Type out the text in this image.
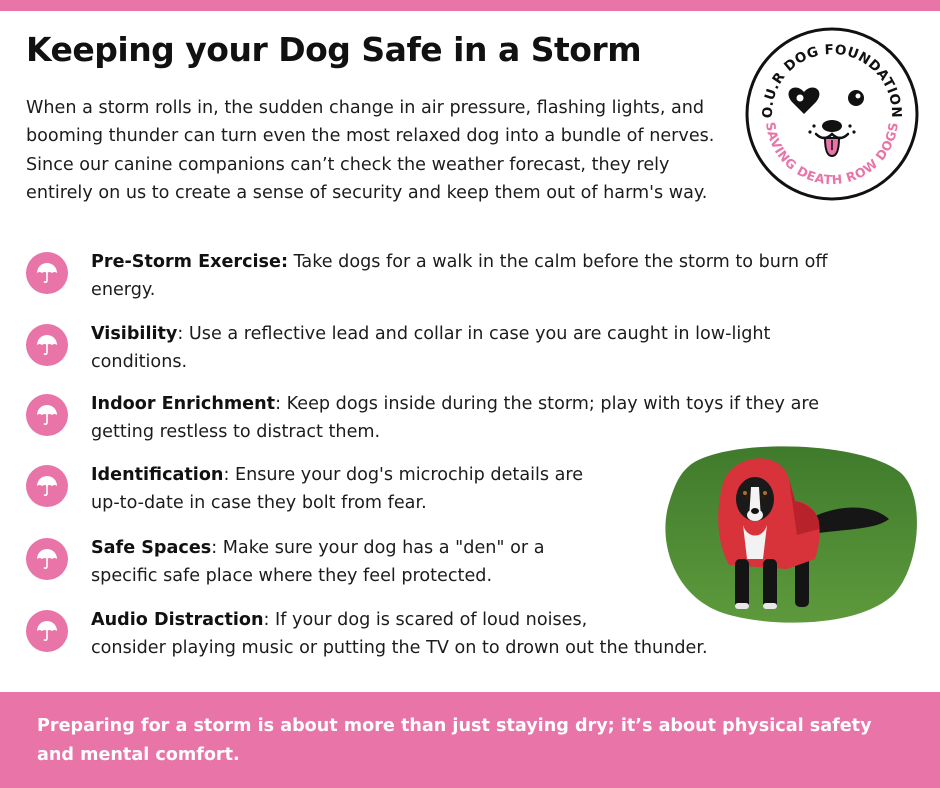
Keeping your Dog Safe in a Storm
When a storm rolls in, the sudden change in air pressure, flashing lights, and booming thunder can turn even the most relaxed dog into a bundle of nerves. Since our canine companions can’t check the weather forecast, they rely entirely on us to create a sense of security and keep them out of harm's way.
O.U.R DOG FOUNDATION
SAVING DEATH ROW DOGS
Pre-Storm Exercise: Take dogs for a walk in the calm before the storm to burn off
energy.
Visibility: Use a reflective lead and collar in case you are caught in low-light
conditions.
Indoor Enrichment: Keep dogs inside during the storm; play with toys if they are
getting restless to distract them.
Identification: Ensure your dog's microchip details are
up-to-date in case they bolt from fear.
Safe Spaces: Make sure your dog has a "den" or a
specific safe place where they feel protected.
Audio Distraction: If your dog is scared of loud noises,
consider playing music or putting the TV on to drown out the thunder.
Preparing for a storm is about more than just staying dry; it’s about physical safety and mental comfort.
